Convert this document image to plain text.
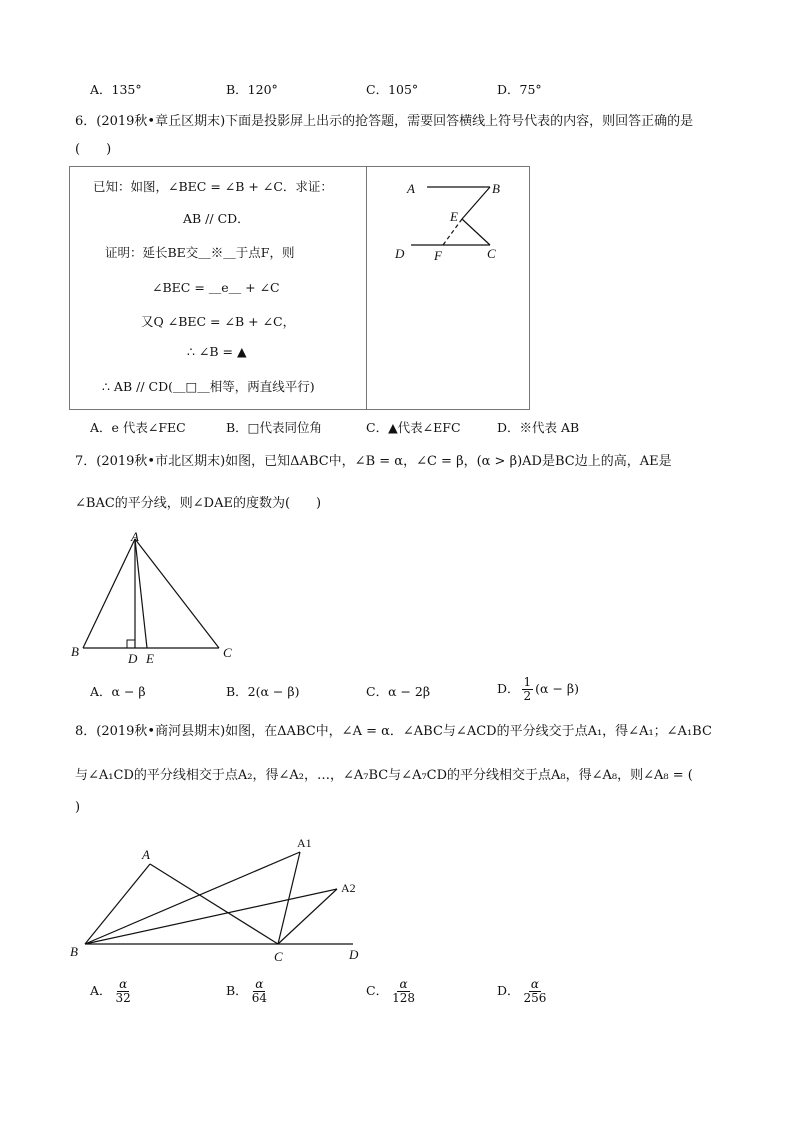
A．135°	B．120°	C．105°	D．75°
6．(2019秋•章丘区期末)下面是投影屏上出示的抢答题，需要回答横线上符号代表的内容，则回答正确的是
(　　)
已知：如图，∠BEC = ∠B + ∠C．求证：
AB // CD．
证明：延长BE交＿※＿于点F，则
∠BEC = ＿e＿ + ∠C
又Q ∠BEC = ∠B + ∠C，
∴ ∠B = ▲
∴ AB // CD(＿□＿相等，两直线平行)
A	B
E
D F	C
A．e 代表∠FEC	B．□代表同位角	C．▲代表∠EFC	D．※代表 AB
7．(2019秋•市北区期末)如图，已知ΔABC中，∠B = α，∠C = β，(α > β)AD是BC边上的高，AE是
∠BAC的平分线，则∠DAE的度数为(　　)
A
B	D E	C
A．α − β	B．2(α − β)	C．α − 2β	D． $\frac{1}{2} (\alpha - \beta)$
8．(2019秋•商河县期末)如图，在ΔABC中，∠A = α．∠ABC与∠ACD的平分线交于点A₁，得∠A₁；∠A₁BC
与∠A₁CD的平分线相交于点A₂，得∠A₂，…，∠A₇BC与∠A₇CD的平分线相交于点A₈，得∠A₈，则∠A₈ = (
)
A
A1
A2
B	C	D
A． $\frac{\alpha}{32}$	B． $\frac{\alpha}{64}$	C． $\frac{\alpha}{128}$	D． $\frac{\alpha}{256}$
